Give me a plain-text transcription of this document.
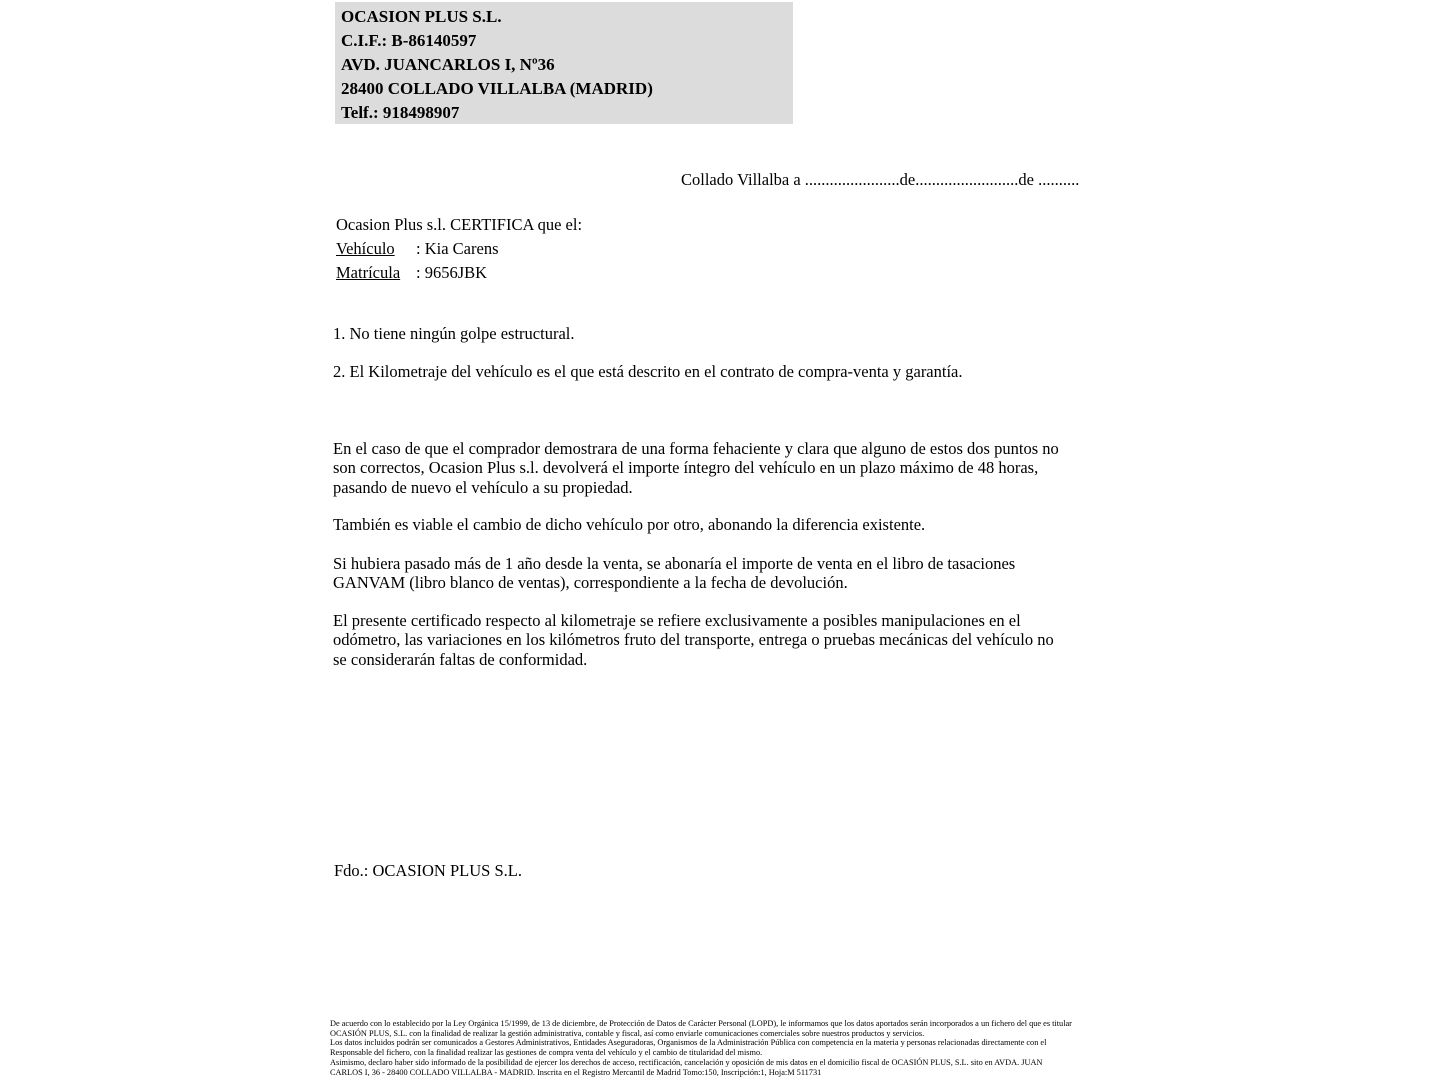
OCASION PLUS S.L.
C.I.F.: B-86140597
AVD. JUANCARLOS I, Nº36
28400 COLLADO VILLALBA (MADRID)
Telf.: 918498907
Collado Villalba a .......................de.........................de ..........
Ocasion Plus s.l. CERTIFICA que el:
Vehículo : Kia Carens
Matrícula : 9656JBK
1. No tiene ningún golpe estructural.
2. El Kilometraje del vehículo es el que está descrito en el contrato de compra-venta y garantía.
En el caso de que el comprador demostrara de una forma fehaciente y clara que alguno de estos dos puntos no
son correctos, Ocasion Plus s.l. devolverá el importe íntegro del vehículo en un plazo máximo de 48 horas,
pasando de nuevo el vehículo a su propiedad.
También es viable el cambio de dicho vehículo por otro, abonando la diferencia existente.
Si hubiera pasado más de 1 año desde la venta, se abonaría el importe de venta en el libro de tasaciones
GANVAM (libro blanco de ventas), correspondiente a la fecha de devolución.
El presente certificado respecto al kilometraje se refiere exclusivamente a posibles manipulaciones en el
odómetro, las variaciones en los kilómetros fruto del transporte, entrega o pruebas mecánicas del vehículo no
se considerarán faltas de conformidad.
Fdo.: OCASION PLUS S.L.
De acuerdo con lo establecido por la Ley Orgánica 15/1999, de 13 de diciembre, de Protección de Datos de Carácter Personal (LOPD), le informamos que los datos aportados serán incorporados a un fichero del que es titular
OCASIÓN PLUS, S.L. con la finalidad de realizar la gestión administrativa, contable y fiscal, así como enviarle comunicaciones comerciales sobre nuestros productos y servicios.
Los datos incluidos podrán ser comunicados a Gestores Administrativos, Entidades Aseguradoras, Organismos de la Administración Pública con competencia en la materia y personas relacionadas directamente con el
Responsable del fichero, con la finalidad realizar las gestiones de compra venta del vehículo y el cambio de titularidad del mismo.
Asimismo, declaro haber sido informado de la posibilidad de ejercer los derechos de acceso, rectificación, cancelación y oposición de mis datos en el domicilio fiscal de OCASIÓN PLUS, S.L. sito en AVDA. JUAN
CARLOS I, 36 - 28400 COLLADO VILLALBA - MADRID. Inscrita en el Registro Mercantil de Madrid Tomo:150, Inscripción:1, Hoja:M 511731
